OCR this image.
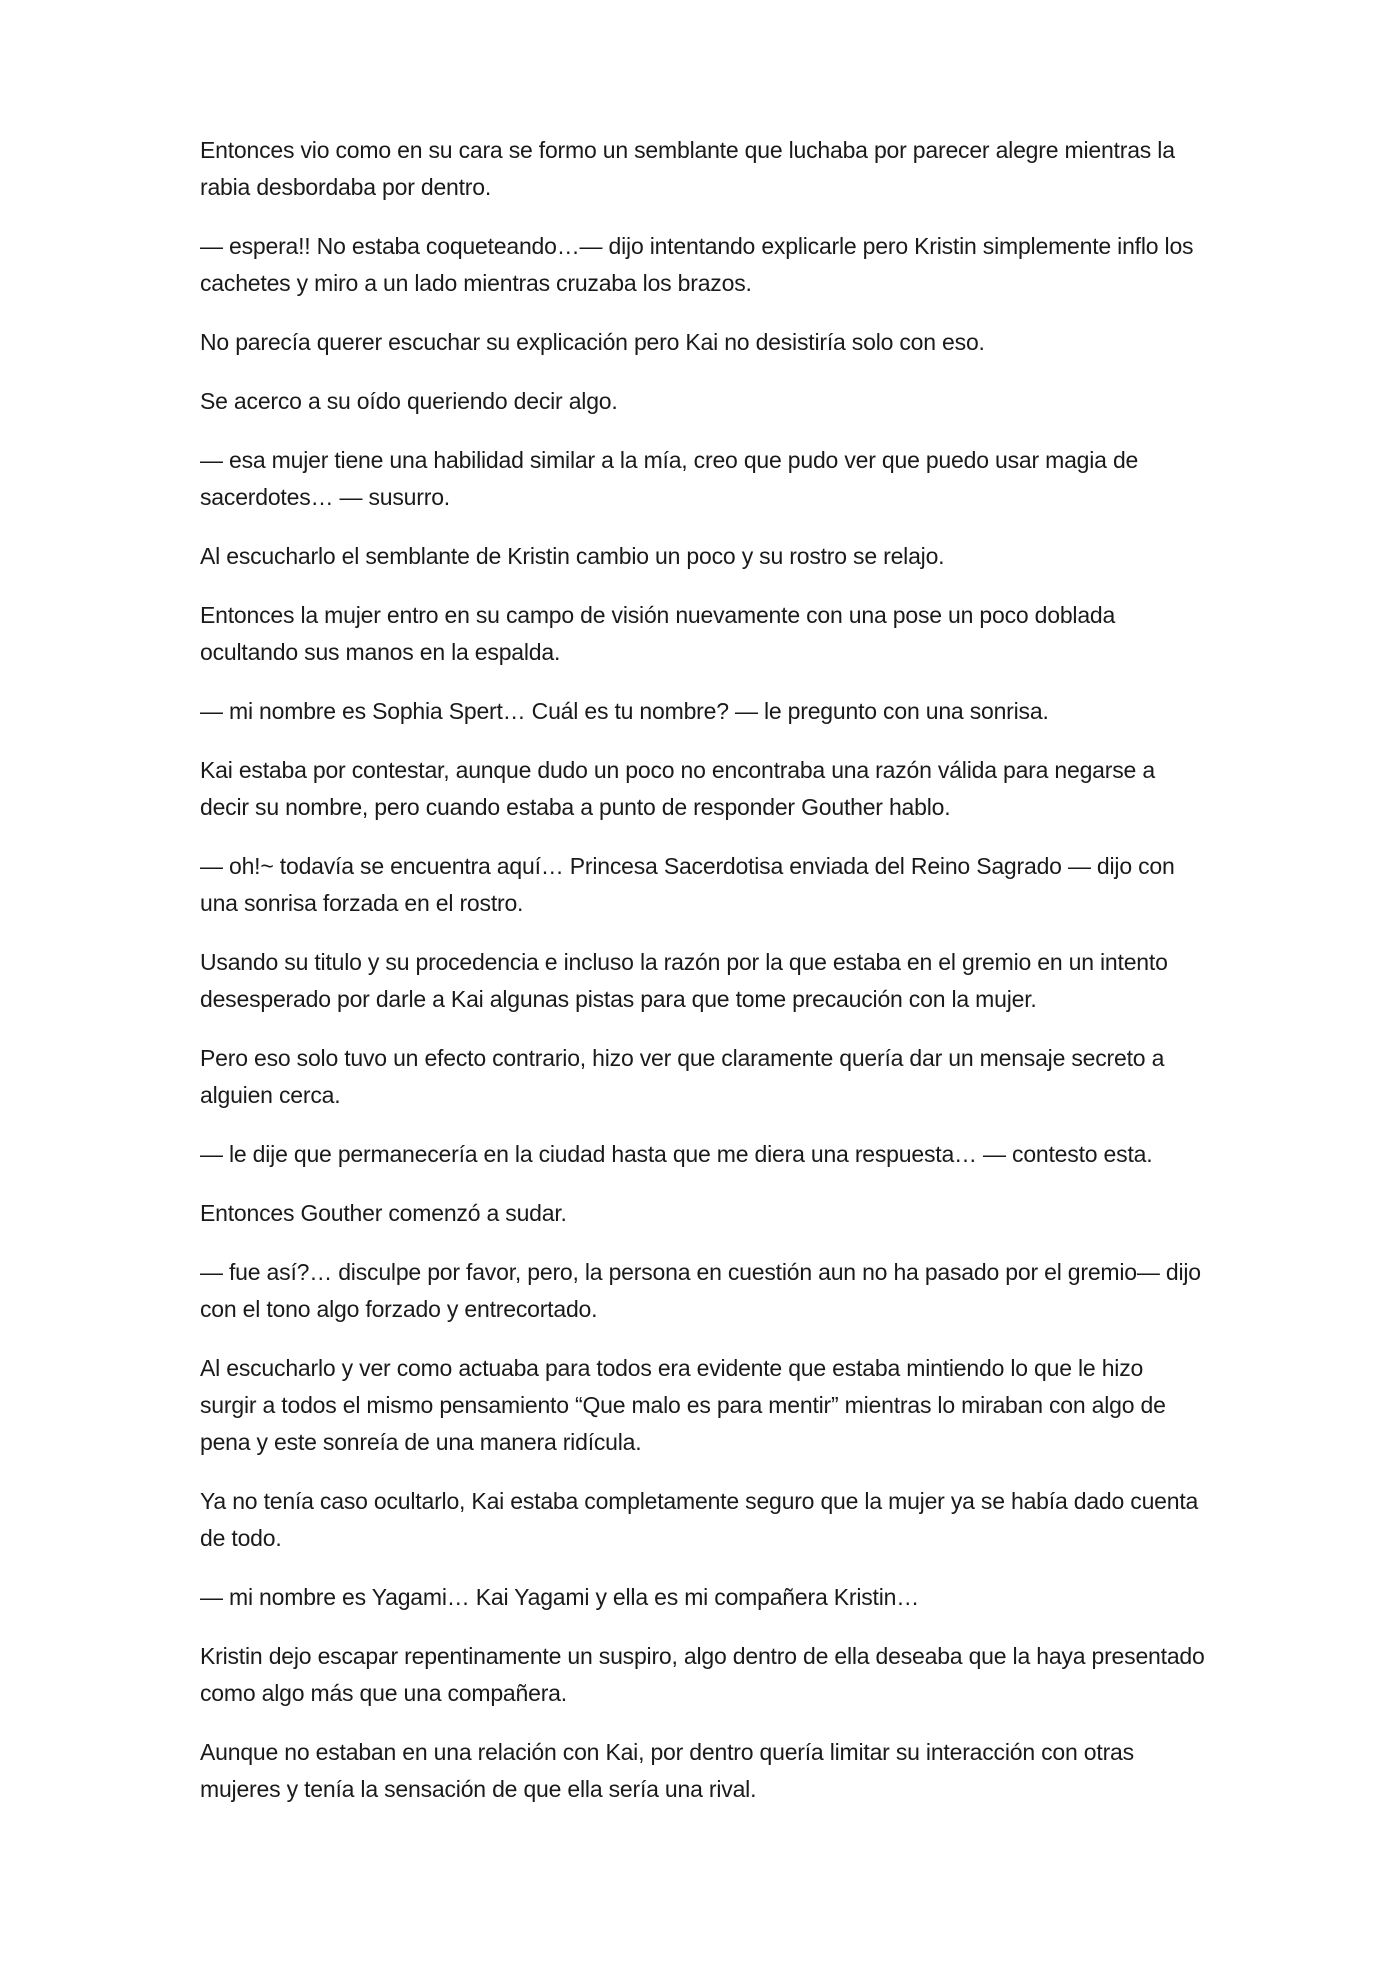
Entonces vio como en su cara se formo un semblante que luchaba por parecer alegre mientras la rabia desbordaba por dentro.

— espera!! No estaba coqueteando…— dijo intentando explicarle pero Kristin simplemente inflo los cachetes y miro a un lado mientras cruzaba los brazos.

No parecía querer escuchar su explicación pero Kai no desistiría solo con eso.

Se acerco a su oído queriendo decir algo.

— esa mujer tiene una habilidad similar a la mía, creo que pudo ver que puedo usar magia de sacerdotes… — susurro.

Al escucharlo el semblante de Kristin cambio un poco y su rostro se relajo.

Entonces la mujer entro en su campo de visión nuevamente con una pose un poco doblada ocultando sus manos en la espalda.

— mi nombre es Sophia Spert… Cuál es tu nombre? — le pregunto con una sonrisa.

Kai estaba por contestar, aunque dudo un poco no encontraba una razón válida para negarse a decir su nombre, pero cuando estaba a punto de responder Gouther hablo.

— oh!~ todavía se encuentra aquí… Princesa Sacerdotisa enviada del Reino Sagrado — dijo con una sonrisa forzada en el rostro.

Usando su titulo y su procedencia e incluso la razón por la que estaba en el gremio en un intento desesperado por darle a Kai algunas pistas para que tome precaución con la mujer.

Pero eso solo tuvo un efecto contrario, hizo ver que claramente quería dar un mensaje secreto a alguien cerca.

— le dije que permanecería en la ciudad hasta que me diera una respuesta… — contesto esta.

Entonces Gouther comenzó a sudar.

— fue así?… disculpe por favor, pero, la persona en cuestión aun no ha pasado por el gremio— dijo con el tono algo forzado y entrecortado.

Al escucharlo y ver como actuaba para todos era evidente que estaba mintiendo lo que le hizo surgir a todos el mismo pensamiento “Que malo es para mentir” mientras lo miraban con algo de pena y este sonreía de una manera ridícula.

Ya no tenía caso ocultarlo, Kai estaba completamente seguro que la mujer ya se había dado cuenta de todo.

— mi nombre es Yagami… Kai Yagami y ella es mi compañera Kristin…

Kristin dejo escapar repentinamente un suspiro, algo dentro de ella deseaba que la haya presentado como algo más que una compañera.

Aunque no estaban en una relación con Kai, por dentro quería limitar su interacción con otras mujeres y tenía la sensación de que ella sería una rival.
